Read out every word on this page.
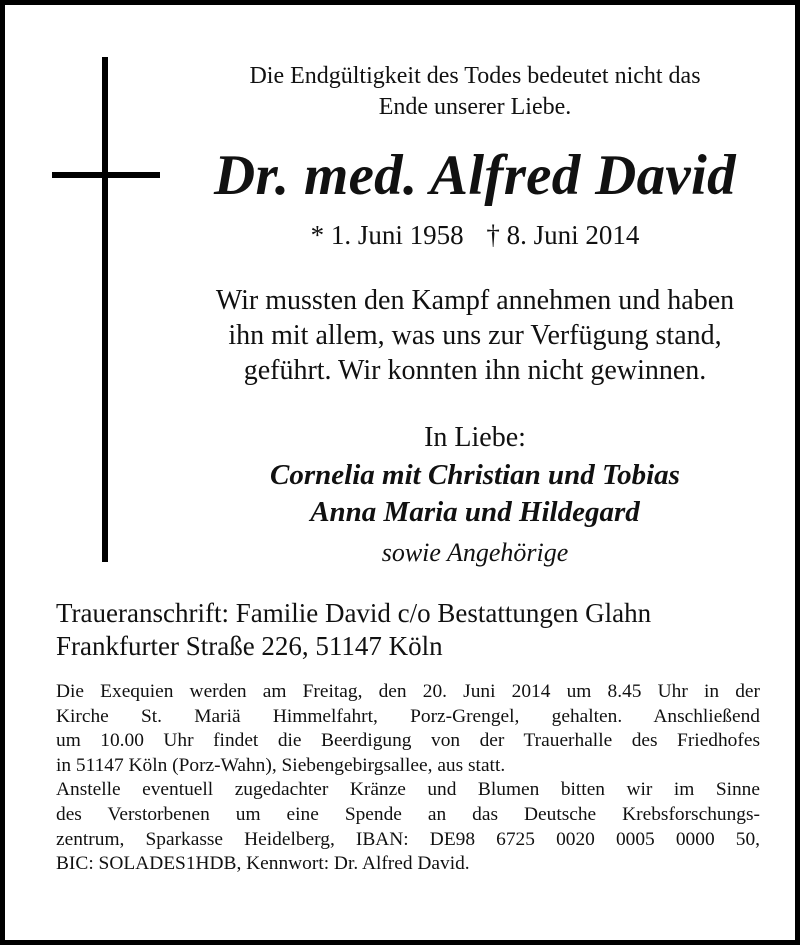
Die Endgültigkeit des Todes bedeutet nicht das
Ende unserer Liebe.
Dr. med. Alfred David
* 1. Juni 1958 † 8. Juni 2014
Wir mussten den Kampf annehmen und haben
ihn mit allem, was uns zur Verfügung stand,
geführt. Wir konnten ihn nicht gewinnen.
In Liebe:
Cornelia mit Christian und Tobias
Anna Maria und Hildegard
sowie Angehörige
Traueranschrift: Familie David c/o Bestattungen Glahn
Frankfurter Straße 226, 51147 Köln
Die Exequien werden am Freitag, den 20. Juni 2014 um 8.45 Uhr in der
Kirche St. Mariä Himmelfahrt, Porz-Grengel, gehalten. Anschließend
um 10.00 Uhr findet die Beerdigung von der Trauerhalle des Friedhofes
in 51147 Köln (Porz-Wahn), Siebengebirgsallee, aus statt.
Anstelle eventuell zugedachter Kränze und Blumen bitten wir im Sinne
des Verstorbenen um eine Spende an das Deutsche Krebsforschungs-
zentrum, Sparkasse Heidelberg, IBAN: DE98 6725 0020 0005 0000 50,
BIC: SOLADES1HDB, Kennwort: Dr. Alfred David.
